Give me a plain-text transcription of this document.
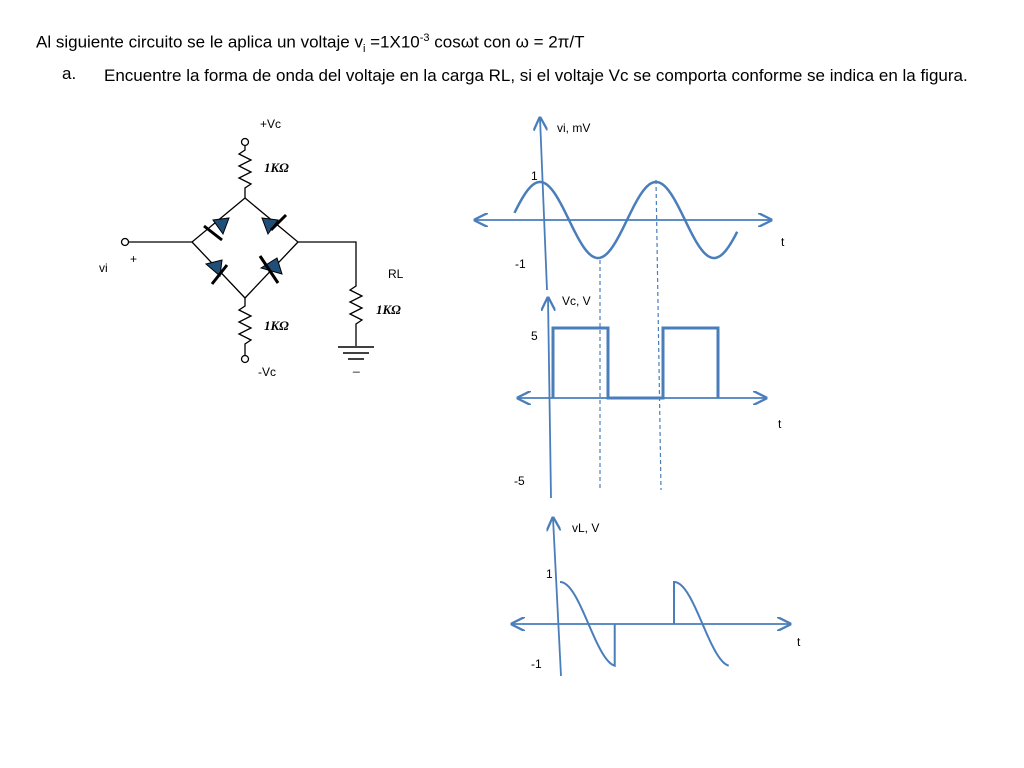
Al siguiente circuito se le aplica un voltaje $v_i =1X10^{-3}$ cosωt con ω = 2π/T
a. Encuentre la forma de onda del voltaje en la carga RL, si el voltaje Vc se comporta conforme se indica en la figura.
+Vc
-Vc
vi
+
RL
_
1KΩ
1KΩ
1KΩ
vi, mV
1
-1
t
Vc, V
5
-5
t
vL, V
1
-1
t
